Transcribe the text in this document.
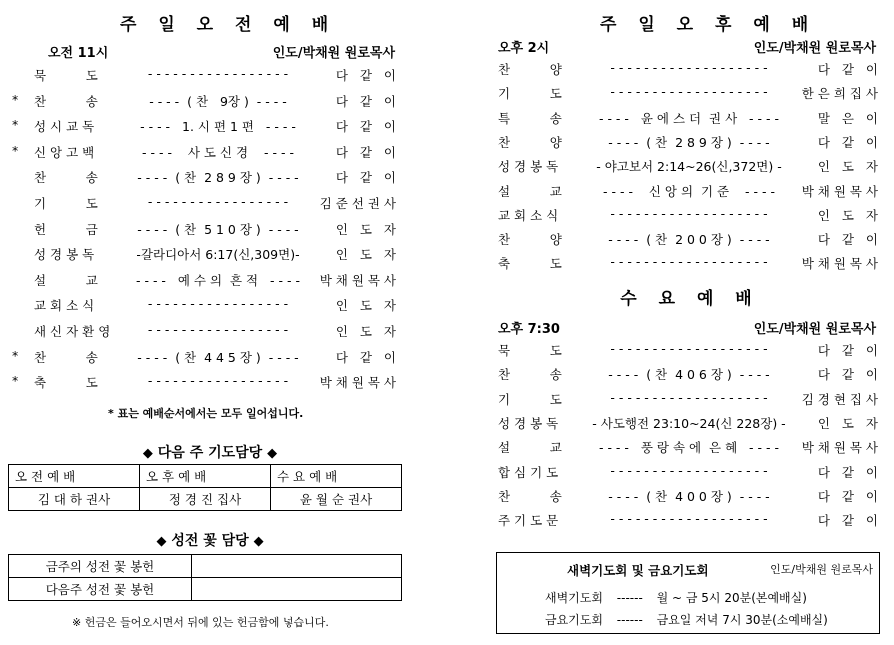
주 일 오 전 예 배
오전 11시	인도/박채원 원로목사
묵          도	- - - - - - - - - - - - - - - - -	다   같   이
* 찬          송	- - - -  ( 찬   9장 )  - - - -	다   같   이
* 성 시 교 독	- - - -   1. 시 편 1 편   - - - -	다   같   이
* 신 앙 고 백	- - - -    사 도 신 경    - - - -	다   같   이
찬          송	- - - -  ( 찬  2 8 9 장 )  - - - -	다   같   이
기          도	- - - - - - - - - - - - - - - - -	김 준 선 권 사
헌          금	- - - -  ( 찬  5 1 0 장 )  - - - -	인   도   자
성 경 봉 독	-갈라디아서 6:17(신,309면)-	인   도   자
설          교	- - - -   예 수 의  흔 적   - - - -	박 채 원 목 사
교 회 소 식	- - - - - - - - - - - - - - - - -	인   도   자
새 신 자 환 영	- - - - - - - - - - - - - - - - -	인   도   자
* 찬          송	- - - -  ( 찬  4 4 5 장 )  - - - -	다   같   이
* 축          도	- - - - - - - - - - - - - - - - -	박 채 원 목 사
* 표는 예배순서에서는 모두 일어섭니다.
◆ 다음 주 기도담당 ◆
오 전 예 배	오 후 예 배	수 요 예 배
김 대 하 권사	정 경 진 집사	윤 월 순 권사
◆ 성전 꽃 담당 ◆
금주의 성전 꽃 봉헌	
다음주 성전 꽃 봉헌	
※ 헌금은 들어오시면서 뒤에 있는 헌금함에 넣습니다.
주 일 오 후 예 배
오후 2시	인도/박채원 원로목사
찬          양	- - - - - - - - - - - - - - - - - - -	다   같   이
기          도	- - - - - - - - - - - - - - - - - - -	한 은 희 집 사
특          송	- - - -   윤 에 스 더  권 사   - - - -	말   은   이
찬          양	- - - -  ( 찬  2 8 9 장 )  - - - -	다   같   이
성 경 봉 독	- 야고보서 2:14~26(신,372면) -	인   도   자
설          교	- - - -    신 앙 의  기 준    - - - -	박 채 원 목 사
교 회 소 식	- - - - - - - - - - - - - - - - - - -	인   도   자
찬          양	- - - -  ( 찬  2 0 0 장 )  - - - -	다   같   이
축          도	- - - - - - - - - - - - - - - - - - -	박 채 원 목 사
수 요 예 배
오후 7:30	인도/박채원 원로목사
묵          도	- - - - - - - - - - - - - - - - - - -	다   같   이
찬          송	- - - -  ( 찬  4 0 6 장 )  - - - -	다   같   이
기          도	- - - - - - - - - - - - - - - - - - -	김 경 현 집 사
성 경 봉 독	- 사도행전 23:10~24(신 228장) -	인   도   자
설          교	- - - -   풍 랑 속 에  은 혜   - - - -	박 채 원 목 사
합 심 기 도	- - - - - - - - - - - - - - - - - - -	다   같   이
찬          송	- - - -  ( 찬  4 0 0 장 )  - - - -	다   같   이
주 기 도 문	- - - - - - - - - - - - - - - - - - -	다   같   이
새벽기도회 및 금요기도회	인도/박채원 원로목사
새벽기도회 ------ 월 ~ 금 5시 20분(본예배실)
금요기도회 ------ 금요일 저녁 7시 30분(소예배실)
